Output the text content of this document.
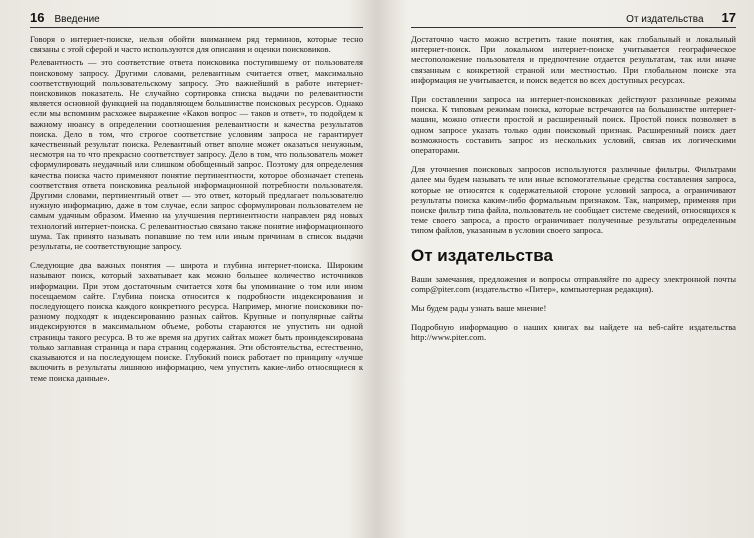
16 Введение

Говоря о интернет-поиске, нельзя обойти вниманием ряд терминов, которые тесно связаны с этой сферой и часто используются для описания и оценки поисковиков.

Релевантность — это соответствие ответа поисковика поступившему от пользователя поисковому запросу. Другими словами, релевантным считается ответ, максимально соответствующий пользовательскому запросу. Это важнейший в работе интернет-поисковиков показатель. Не случайно сортировка списка выдачи по релевантности является основной функцией на подавляющем большинстве поисковых ресурсов. Однако если мы вспомним расхожее выражение «Каков вопрос — таков и ответ», то подойдем к важному нюансу в определении соотношения релевантности и качества результатов поиска. Дело в том, что строгое соответствие условиям запроса не гарантирует качественный результат поиска. Релевантный ответ вполне может оказаться ненужным, несмотря на то что прекрасно соответствует запросу. Дело в том, что пользователь может сформулировать неудачный или слишком обобщенный запрос. Поэтому для определения качества поиска часто применяют понятие пертинентности, которое обозначает степень соответствия ответа поисковика реальной информационной потребности пользователя. Другими словами, пертинентный ответ — это ответ, который предлагает пользователю нужную информацию, даже в том случае, если запрос сформулирован пользователем не самым удачным образом. Именно на улучшения пертинентности направлен ряд новых технологий интернет-поиска. С релевантностью связано также понятие информационного шума. Так принято называть попавшие по тем или иным причинам в список выдачи результаты, не соответствующие запросу.

Следующие два важных понятия — широта и глубина интернет-поиска. Широким называют поиск, который захватывает как можно большее количество источников информации. При этом достаточным считается хотя бы упоминание о том или ином посещаемом сайте. Глубина поиска относится к подробности индексирования и последующего поиска каждого конкретного ресурса. Например, многие поисковики по-разному подходят к индексированию разных сайтов. Крупные и популярные сайты индексируются в максимальном объеме, роботы стараются не упустить ни одной страницы такого ресурса. В то же время на других сайтах может быть проиндексирована только заглавная страница и пара страниц содержания. Эти обстоятельства, естественно, сказываются и на последующем поиске. Глубокий поиск работает по принципу «лучше включить в результаты лишнюю информацию, чем упустить какие-либо относящиеся к теме поиска данные».

От издательства 17

Достаточно часто можно встретить такие понятия, как глобальный и локальный интернет-поиск. При локальном интернет-поиске учитывается географическое местоположение пользователя и предпочтение отдается результатам, так или иначе связанным с конкретной страной или местностью. При глобальном поиске эта информация не учитывается, и поиск ведется во всех доступных ресурсах.

При составлении запроса на интернет-поисковиках действуют различные режимы поиска. К типовым режимам поиска, которые встречаются на большинстве интернет-машин, можно отнести простой и расширенный поиск. Простой поиск позволяет в одном запросе указать только один поисковый признак. Расширенный поиск дает возможность составить запрос из нескольких условий, связав их логическими операторами.

Для уточнения поисковых запросов используются различные фильтры. Фильтрами далее мы будем называть те или иные вспомогательные средства составления запроса, которые не относятся к содержательной стороне условий запроса, а ограничивают результаты поиска каким-либо формальным признаком. Так, например, применяя при поиске фильтр типа файла, пользователь не сообщает системе сведений, относящихся к теме своего запроса, а просто ограничивает полученные результаты определенным типом файлов, указанным в условии своего запроса.

От издательства

Ваши замечания, предложения и вопросы отправляйте по адресу электронной почты comp@piter.com (издательство «Питер», компьютерная редакция).

Мы будем рады узнать ваше мнение!

Подробную информацию о наших книгах вы найдете на веб-сайте издательства http://www.piter.com.
